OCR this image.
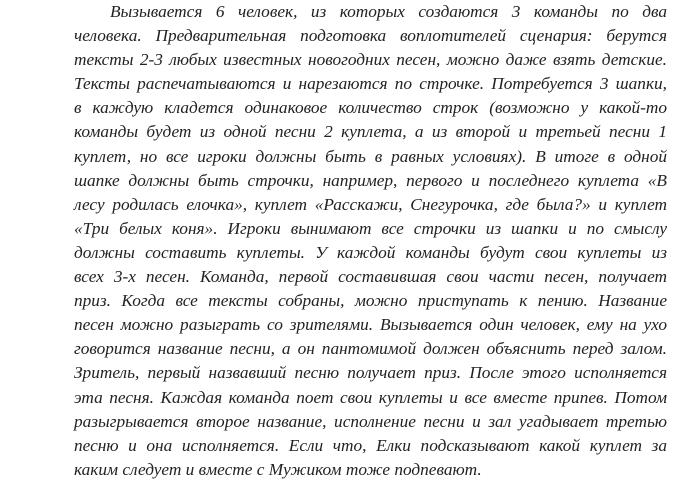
Вызывается 6 человек, из которых создаются 3 команды по два
человека. Предварительная подготовка воплотителей сценария: берутся
тексты 2-3 любых известных новогодних песен, можно даже взять детские.
Тексты распечатываются и нарезаются по строчке. Потребуется 3 шапки,
в каждую кладется одинаковое количество строк (возможно у какой-то
команды будет из одной песни 2 куплета, а из второй и третьей песни 1
куплет, но все игроки должны быть в равных условиях). В итоге в одной
шапке должны быть строчки, например, первого и последнего куплета «В
лесу родилась елочка», куплет «Расскажи, Снегурочка, где была?» и куплет
«Три белых коня». Игроки вынимают все строчки из шапки и по смыслу
должны составить куплеты. У каждой команды будут свои куплеты из
всех 3-х песен. Команда, первой составившая свои части песен, получает
приз. Когда все тексты собраны, можно приступать к пению. Название
песен можно разыграть со зрителями. Вызывается один человек, ему на ухо
говорится название песни, а он пантомимой должен объяснить перед залом.
Зритель, первый назвавший песню получает приз. После этого исполняется
эта песня. Каждая команда поет свои куплеты и все вместе припев. Потом
разыгрывается второе название, исполнение песни и зал угадывает третью
песню и она исполняется. Если что, Елки подсказывают какой куплет за
каким следует и вместе с Мужиком тоже подпевают.
